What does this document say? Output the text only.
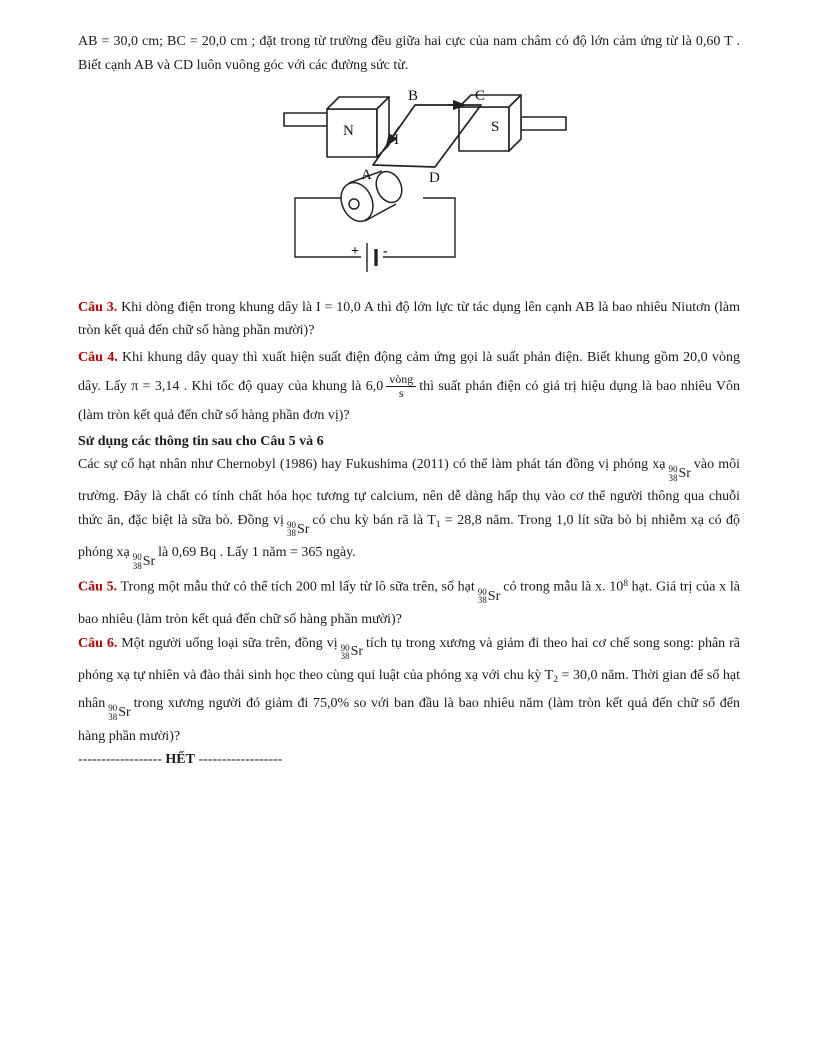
AB = 30,0 cm; BC = 20,0 cm ; đặt trong từ trường đều giữa hai cực của nam châm có độ lớn cảm ứng từ là 0,60 T . Biết cạnh AB và CD luôn vuông góc với các đường sức từ.

+ -
N	S
B	C
I
A	D

Câu 3. Khi dòng điện trong khung dây là I = 10,0 A thì độ lớn lực từ tác dụng lên cạnh AB là bao nhiêu Niutơn (làm tròn kết quả đến chữ số hàng phần mười)?

Câu 4. Khi khung dây quay thì xuất hiện suất điện động cảm ứng gọi là suất phản điện. Biết khung gồm 20,0 vòng dây. Lấy π = 3,14 . Khi tốc độ quay của khung là $6,0 \frac{\text{vòng}}{s}$ thì suất phản điện có giá trị hiệu dụng là bao nhiêu Vôn (làm tròn kết quả đến chữ số hàng phần đơn vị)?

Sử dụng các thông tin sau cho Câu 5 và 6

Các sự cố hạt nhân như Chernobyl (1986) hay Fukushima (2011) có thể làm phát tán đồng vị phóng xạ 90
38 Sr
vào môi trường. Đây là chất có tính chất hóa học tương tự calcium, nên dễ dàng hấp thụ vào cơ thể người thông qua chuỗi thức ăn, đặc biệt là sữa bò. Đồng vị 90
38 Sr
có chu kỳ bán rã là $T_1 = 28,8$ năm. Trong 1,0 lít sữa bò bị nhiễm xạ có độ phóng xạ 90
38 Sr
là 0,69 Bq . Lấy 1 năm = 365 ngày.

Câu 5. Trong một mẫu thử có thể tích 200 ml lấy từ lô sữa trên, số hạt 90
38 Sr
có trong mẫu là x. $10^8$ hạt. Giá trị của x là bao nhiêu (làm tròn kết quả đến chữ số hàng phần mười)?

Câu 6. Một người uống loại sữa trên, đồng vị 90
38 Sr
tích tụ trong xương và giảm đi theo hai cơ chế song song: phân rã phóng xạ tự nhiên và đào thải sinh học theo cùng qui luật của phóng xạ với chu kỳ $T_2 = 30,0$ năm. Thời gian để số hạt nhân 90
38 Sr
trong xương người đó giảm đi 75,0% so với ban đầu là bao nhiêu năm (làm tròn kết quả đến chữ số đến hàng phần mười)?

------------------ HẾT ------------------
